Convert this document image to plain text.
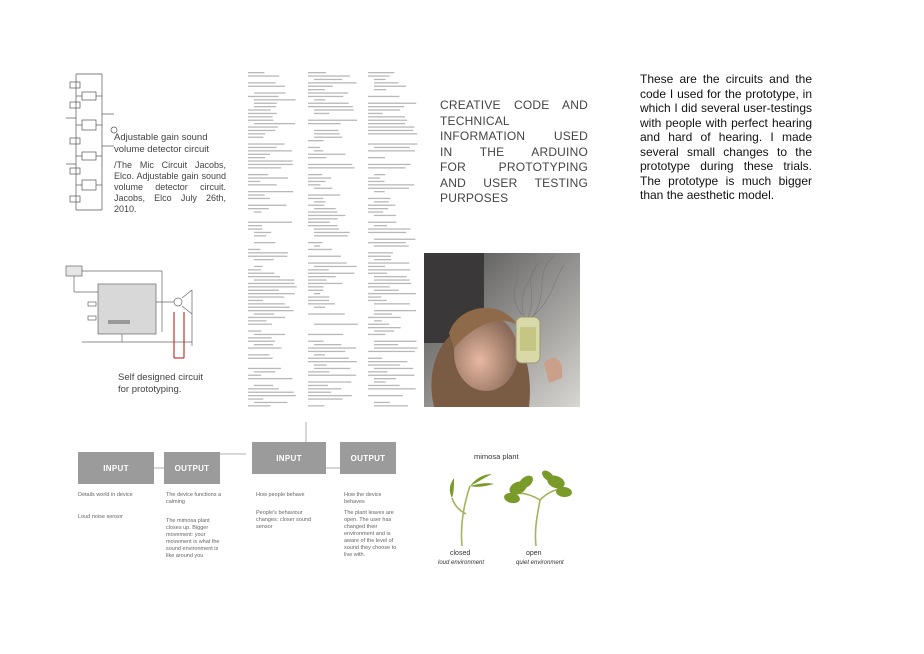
Adjustable gain sound volume detector circuit
/The Mic Circuit Jacobs, Elco. Adjustable gain sound volume detector circuit. Jacobs, Elco July 26th, 2010.
Self designed circuit for prototyping.
CREATIVE CODE AND
TECHNICAL
INFORMATION USED
IN THE ARDUINO
FOR PROTOTYPING
AND USER TESTING
PURPOSES
These are the circuits and the code I used for the prototype, in which I did several user-testings with people with perfect hearing and hard of hearing. I made several small changes to the prototype during these trials. The prototype is much bigger than the aesthetic model.
INPUT	OUTPUT
INPUT	OUTPUT
Details world in device
Loud noise sensor
The device functions a calming
The mimosa plant closes up. Bigger movement: your movement is what the sound environment is like around you
How people behave
People's behaviour changes: closer sound sensor
How the device behaves
The plant leaves are open. The user has changed their environment and is aware of the level of sound they choose to live with.
mimosa plant
closed
loud environment
open
quiet environment
